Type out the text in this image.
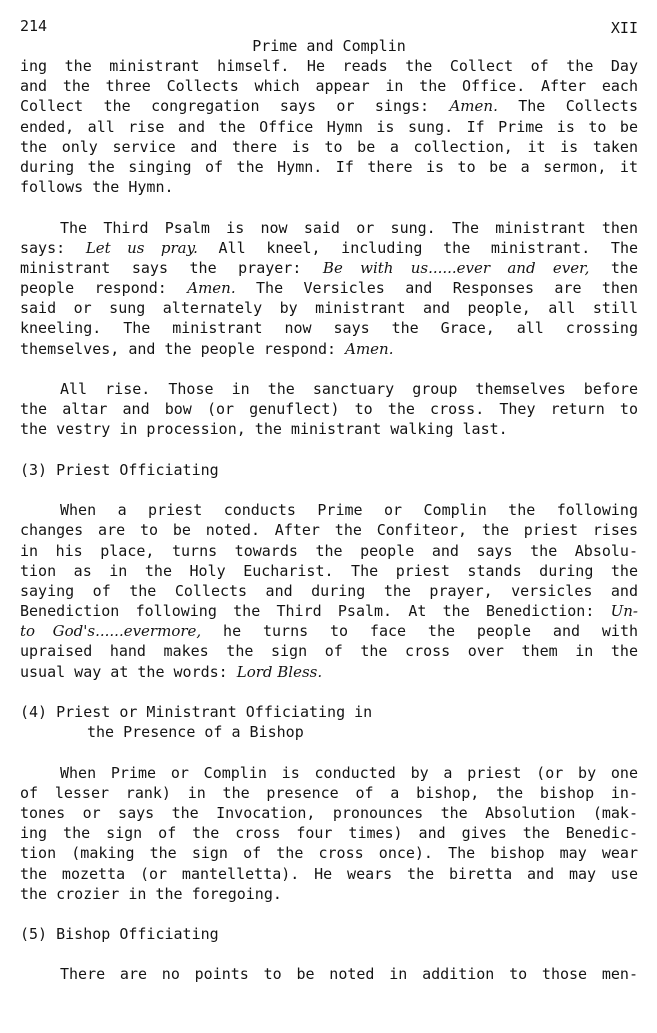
214	XII
Prime and Complin
ing the ministrant himself. He reads the Collect of the Day
and the three Collects which appear in the Office. After each
Collect the congregation says or sings: Amen. The Collects
ended, all rise and the Office Hymn is sung. If Prime is to be
the only service and there is to be a collection, it is taken
during the singing of the Hymn. If there is to be a sermon, it
follows the Hymn.
The Third Psalm is now said or sung. The ministrant then
says: Let us pray. All kneel, including the ministrant. The
ministrant says the prayer: Be with us......ever and ever, the
people respond: Amen. The Versicles and Responses are then
said or sung alternately by ministrant and people, all still
kneeling. The ministrant now says the Grace, all crossing
themselves, and the people respond: Amen.
All rise. Those in the sanctuary group themselves before
the altar and bow (or genuflect) to the cross. They return to
the vestry in procession, the ministrant walking last.
(3) Priest Officiating
When a priest conducts Prime or Complin the following
changes are to be noted. After the Confiteor, the priest rises
in his place, turns towards the people and says the Absolu-
tion as in the Holy Eucharist. The priest stands during the
saying of the Collects and during the prayer, versicles and
Benediction following the Third Psalm. At the Benediction: Un-
to God's......evermore, he turns to face the people and with
upraised hand makes the sign of the cross over them in the
usual way at the words: Lord Bless.
(4) Priest or Ministrant Officiating in
the Presence of a Bishop
When Prime or Complin is conducted by a priest (or by one
of lesser rank) in the presence of a bishop, the bishop in-
tones or says the Invocation, pronounces the Absolution (mak-
ing the sign of the cross four times) and gives the Benedic-
tion (making the sign of the cross once). The bishop may wear
the mozetta (or mantelletta). He wears the biretta and may use
the crozier in the foregoing.
(5) Bishop Officiating
There are no points to be noted in addition to those men-
